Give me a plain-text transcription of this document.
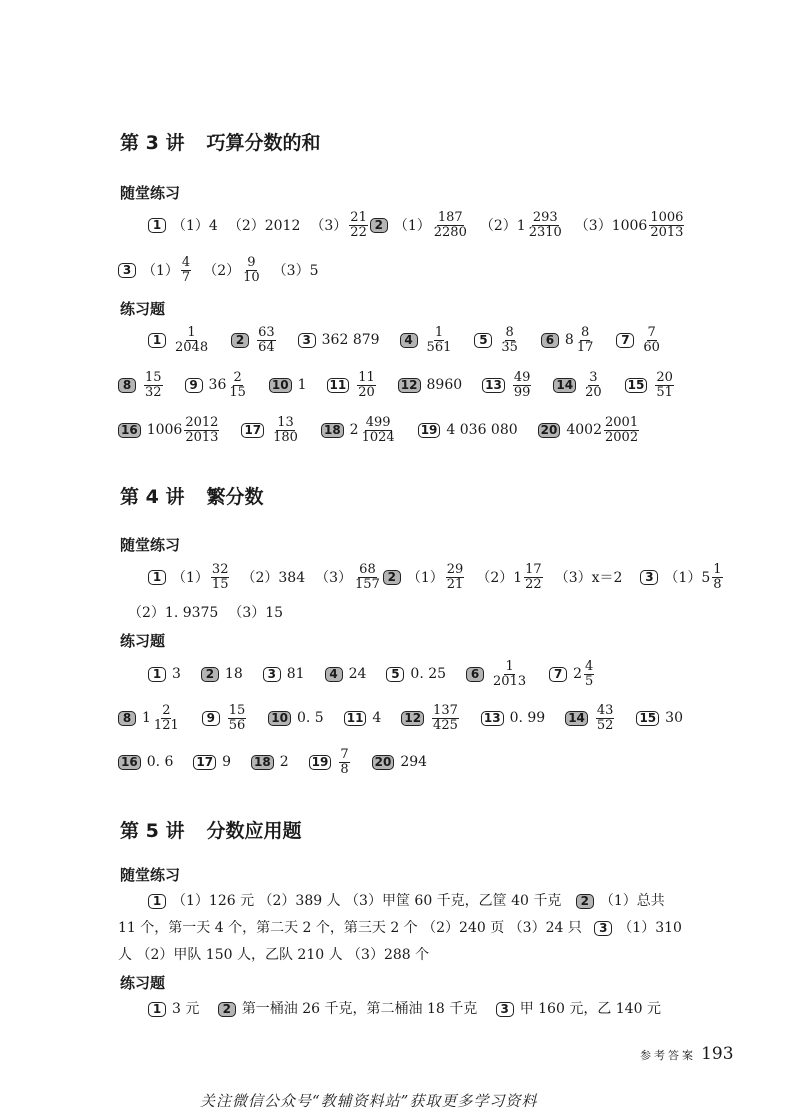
第 3 讲 巧算分数的和
随堂练习
1 （1）4 （2）2012 $(3) \frac{21}{22} 2$ $(1) \frac{187}{2280} (2)1 \frac{293}{2310} (3)1006 \frac{1006}{2013}$
3 $(1) \frac{4}{7} (2) \frac{9}{10} (3)5$
练习题
$1 \frac{1}{2048}$	$2 \frac{63}{64}$	3 362 879	$4 \frac{1}{561}$	$5 \frac{8}{35}$	6 $8 \frac{8}{17}$	$7 \frac{7}{60}$
$8 \frac{15}{32}$	9 $36 \frac{2}{15} 10$ 1 $11 \frac{11}{20} 12$ 8960 $13 \frac{49}{99} 14 \frac{3}{20} 15 \frac{20}{51}$
16 $1006 \frac{2012}{2013} 17 \frac{13}{180} 18$ $2 \frac{499}{1024} 19$ 4 036 080 20 $4002 \frac{2001}{2002}$
第 4 讲 繁分数
随堂练习
1 $(1) \frac{32}{15} (2)384$ $(3) \frac{68}{157} 2$ $(1) \frac{29}{21} (2)1 \frac{17}{22} (3)x=2$	3 $(1)5 \frac{1}{8}$
（2）1. 9375 （3）15
练习题
1 3	2 18	3 81	4 24	5 0. 25	$6 \frac{1}{2013}$	7 $2 \frac{4}{5}$
8 $1 \frac{2}{121}$	$9 \frac{15}{56} 10$ 0. 5 11 4 $12 \frac{137}{425} 13$ 0. 99 $14 \frac{43}{52} 15$ 30
16 0. 6 17 9 18 2 $19 \frac{7}{8} 20$ 294
第 5 讲 分数应用题
随堂练习
1 （1）126 元 （2）389 人 （3）甲筐 60 千克，乙筐 40 千克 2 （1）总共
11 个，第一天 4 个，第二天 2 个，第三天 2 个 （2）240 页 （3）24 只 3 （1）310
人 （2）甲队 150 人，乙队 210 人 （3）288 个
练习题
1 3 元 2 第一桶油 26 千克，第二桶油 18 千克 3 甲 160 元，乙 140 元
参考答案 193
关注微信公众号“教辅资料站”获取更多学习资料
